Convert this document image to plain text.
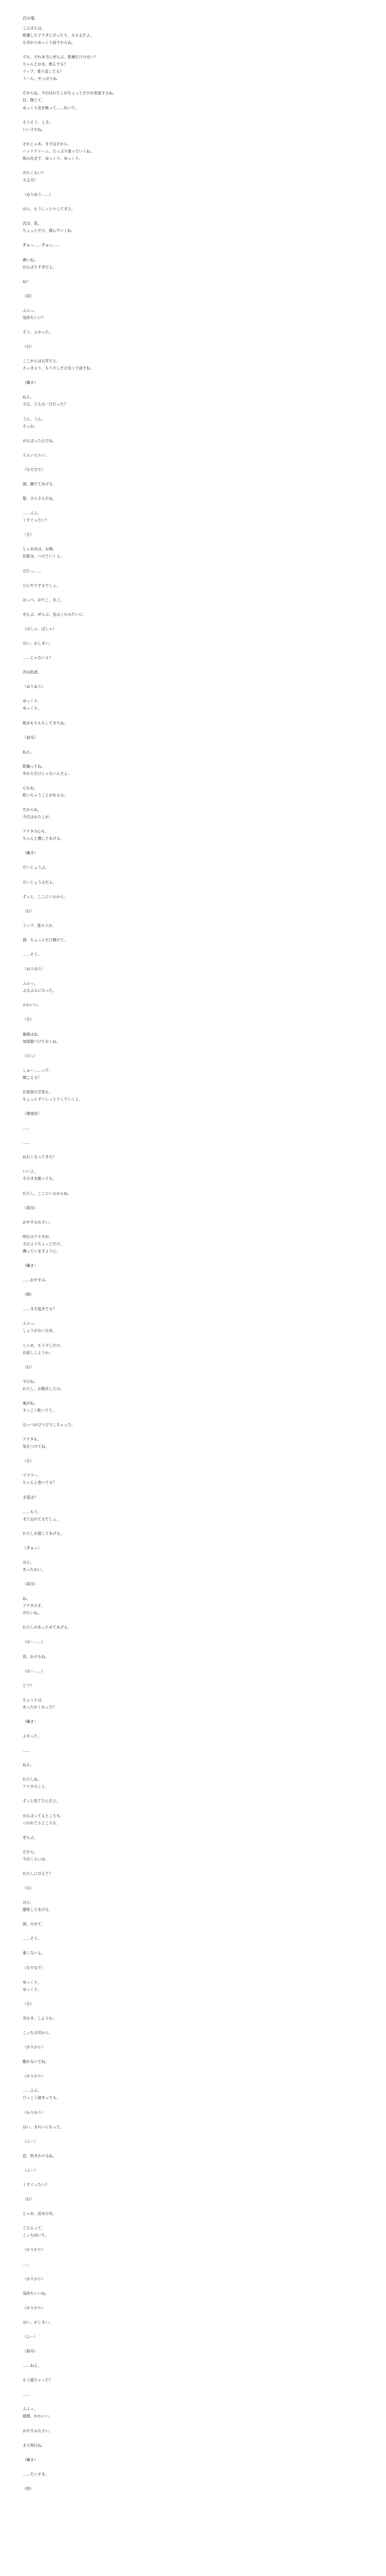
百の私
こんばんは。
乾燥したアナタにぴったり、るるるだよ。
左耳からゆっくり話すからね。
でも、それ本当にぜんぶ、乾燥だけのせい？
ちゃんとお水、飲んでる？
リップ、塗り直してる？
うーん、やっぱりね。
だからね、今日はわたしがちょっとだけお世話するね。
目、閉じて。
ゆっくり息を吸って……吐いて。
そうそう、上手。
いい子だね。
それじゃあ、まずは手から。
ハンドクリーム、たっぷり塗っていくね。
指の先まで、ゆっくり、ゆっくり。
冷たくない？
大丈夫？
（ぬりぬり……）
ほら、もうしっとりしてきた。
次は、肩。
ちょっとだけ、揉んでいくね。
ぎゅっ……ぎゅっ……
硬いね。
がんばりすぎだよ。
ね？
（肩）
ふふっ、
気持ちいい？
そう、よかった。
（右）
ここからは右耳だよ。
さっきより、もう少しだけ近くで話すね。
（囁き）
ねえ、
今日、どんな一日だった？
うん、うん。
そっか。
がんばったんだね。
えらいえらい。
（なでなで）
頭、撫でてあげる。
髪、さらさらだね。
……ふふ、
くすぐったい？
（左）
じゃあ次は、お顔。
化粧水、つけていくよ。
ぴたっ……
ひんやりするでしょ。
ほっぺ、おでこ、あご。
ぜんぶ、ぜんぶ、包みこむみたいに。
（ぱしゃ、ぱしゃ）
はい、おしまい。
……じゃないよ？
次は乳液。
（ぬりぬり）
ゆっくり、
ゆっくり。
肌がもちもちしてきたね。
（両耳）
ねえ。
乾燥ってね、
外からだけじゃないんだよ。
心もね、
乾いちゃうことがあるの。
だからね、
今日はわたしが、
アナタの心も、
ちゃんと潤してあげる。
（囁き）
だいじょうぶ。
だいじょうぶだよ。
ずっと、ここにいるから。
（右）
リップ、塗ろうか。
唇、ちょっとだけ開けて。
……そう。
（ぬりぬり）
ふふっ、
ぷるぷるになった。
かわいい。
（左）
最後はね、
加湿器つけておくね。
（ぴっ）
しゅー……って、
聞こえる？
お部屋の空気も、
ちょっとずつしっとりしていくよ。
（環境音）
……
……
ねむくなってきた？
いいよ、
そのまま眠っても。
わたし、ここにいるからね。
（両耳）
おやすみなさい。
明日のアナタが、
今日よりちょっとだけ、
潤っていますように。
（囁き）
……おやすみ。
（間）
……まだ起きてる？
ふふっ、
しょうがないなあ。
じゃあ、もう少しだけ、
お話ししようか。
（右）
今日ね、
わたし、お散歩したの。
風がね、
すっごく乾いてて。
ほっぺがぴりぴりしちゃった。
アナタも、
気をつけてね。
（左）
マフラー、
ちゃんと巻いてる？
手袋は？
……もう、
また忘れてるでしょ。
わたしが貸してあげる。
（ぎゅっ）
ほら、
あったかい。
（両耳）
ね、
アナタの手、
冷たいね。
わたしがあっためてあげる。
（はー……）
息、かけるね。
（はー……）
どう？
ちょっとは、
あったかくなった？
（囁き）
よかった。
……
ねえ。
わたしね、
アナタのこと、
ずっと見てたんだよ。
がんばってるところも、
つかれてるところも、
ぜんぶ。
だから、
今日くらいは、
わたしに甘えて？
（右）
ほら、
膝枕してあげる。
頭、のせて。
……そう。
重くないよ。
（なでなで）
ゆっくり、
ゆっくり。
（左）
耳かき、しようか。
こっちの耳から。
（かりかり）
動かないでね。
（かりかり）
……ふふ、
けっこう溜まってる。
（かりかり）
はい、きれいになった。
（ふー）
息、吹きかけるね。
（ふー）
くすぐったい？
（右）
じゃあ、反対の耳。
ごろんって、
こっち向いて。
（かりかり）
……
（かりかり）
気持ちいいね。
（かりかり）
はい、おしまい。
（ふー）
（両耳）
……ねえ。
もう寝ちゃった？
……
ふふっ、
寝顔、かわいい。
おやすみなさい。
また明日ね。
（囁き）
……だいすき。
（終）
